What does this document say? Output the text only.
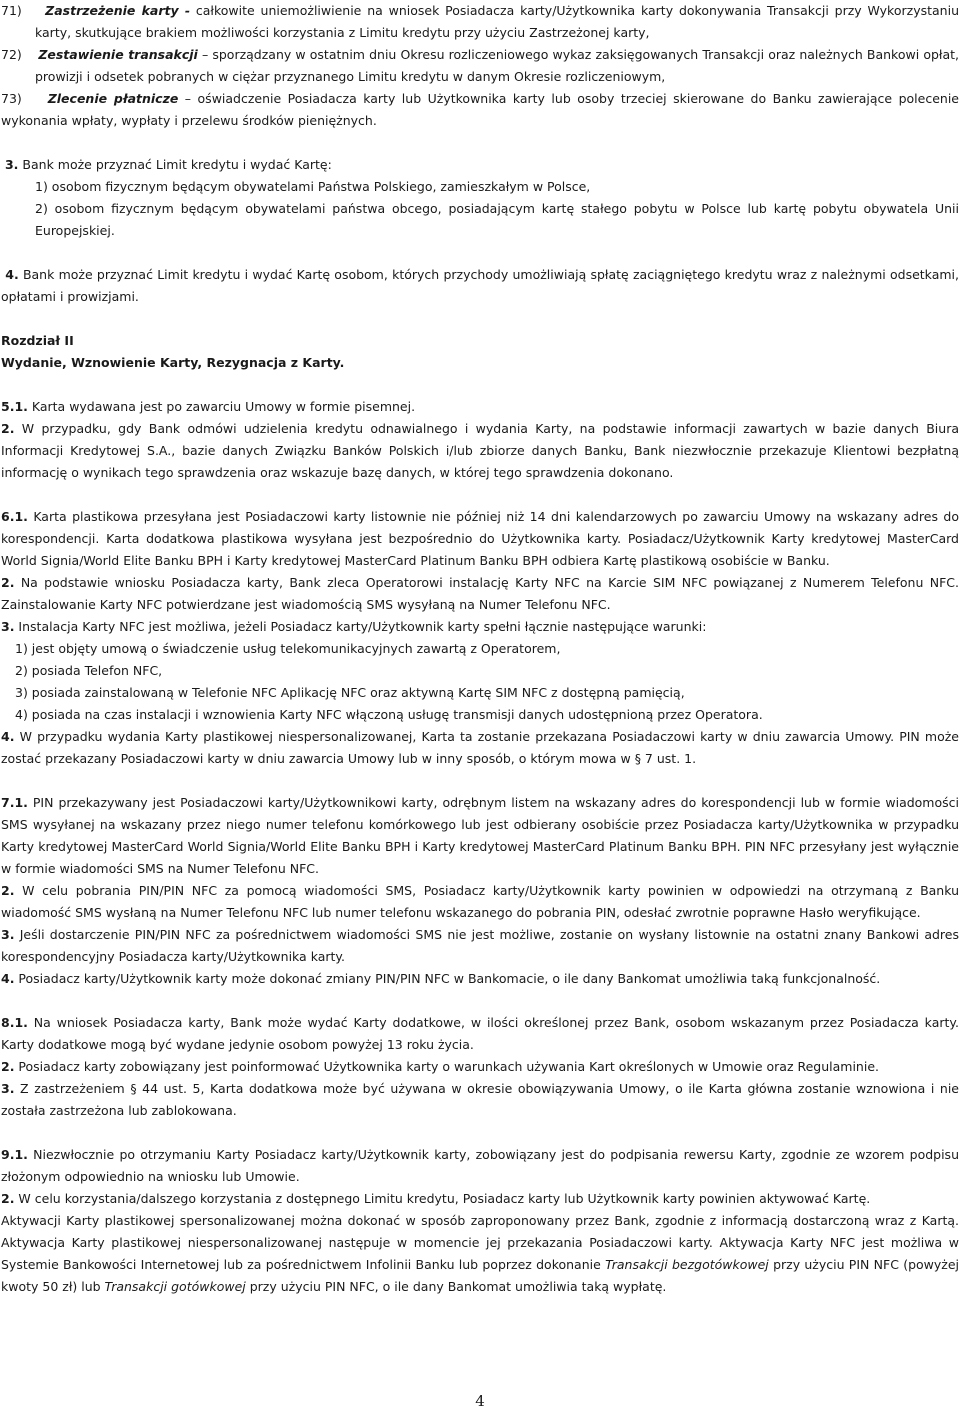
71) Zastrzeżenie karty - całkowite uniemożliwienie na wniosek Posiadacza karty/Użytkownika karty dokonywania Transakcji przy Wykorzystaniu karty, skutkujące brakiem możliwości korzystania z Limitu kredytu przy użyciu Zastrzeżonej karty,

72) Zestawienie transakcji – sporządzany w ostatnim dniu Okresu rozliczeniowego wykaz zaksięgowanych Transakcji oraz należnych Bankowi opłat, prowizji i odsetek pobranych w ciężar przyznanego Limitu kredytu w danym Okresie rozliczeniowym,

73) Zlecenie płatnicze – oświadczenie Posiadacza karty lub Użytkownika karty lub osoby trzeciej skierowane do Banku zawierające polecenie wykonania wpłaty, wypłaty i przelewu środków pieniężnych.

3. Bank może przyznać Limit kredytu i wydać Kartę:

1) osobom fizycznym będącym obywatelami Państwa Polskiego, zamieszkałym w Polsce,

2) osobom fizycznym będącym obywatelami państwa obcego, posiadającym kartę stałego pobytu w Polsce lub kartę pobytu obywatela Unii Europejskiej.

4. Bank może przyznać Limit kredytu i wydać Kartę osobom, których przychody umożliwiają spłatę zaciągniętego kredytu wraz z należnymi odsetkami, opłatami i prowizjami.

Rozdział II

Wydanie, Wznowienie Karty, Rezygnacja z Karty.

5.1. Karta wydawana jest po zawarciu Umowy w formie pisemnej.

2. W przypadku, gdy Bank odmówi udzielenia kredytu odnawialnego i wydania Karty, na podstawie informacji zawartych w bazie danych Biura Informacji Kredytowej S.A., bazie danych Związku Banków Polskich i/lub zbiorze danych Banku, Bank niezwłocznie przekazuje Klientowi bezpłatną informację o wynikach tego sprawdzenia oraz wskazuje bazę danych, w której tego sprawdzenia dokonano.

6.1. Karta plastikowa przesyłana jest Posiadaczowi karty listownie nie później niż 14 dni kalendarzowych po zawarciu Umowy na wskazany adres do korespondencji. Karta dodatkowa plastikowa wysyłana jest bezpośrednio do Użytkownika karty. Posiadacz/Użytkownik Karty kredytowej MasterCard World Signia/World Elite Banku BPH i Karty kredytowej MasterCard Platinum Banku BPH odbiera Kartę plastikową osobiście w Banku.

2. Na podstawie wniosku Posiadacza karty, Bank zleca Operatorowi instalację Karty NFC na Karcie SIM NFC powiązanej z Numerem Telefonu NFC. Zainstalowanie Karty NFC potwierdzane jest wiadomością SMS wysyłaną na Numer Telefonu NFC.

3. Instalacja Karty NFC jest możliwa, jeżeli Posiadacz karty/Użytkownik karty spełni łącznie następujące warunki:

1) jest objęty umową o świadczenie usług telekomunikacyjnych zawartą z Operatorem,

2) posiada Telefon NFC,

3) posiada zainstalowaną w Telefonie NFC Aplikację NFC oraz aktywną Kartę SIM NFC z dostępną pamięcią,

4) posiada na czas instalacji i wznowienia Karty NFC włączoną usługę transmisji danych udostępnioną przez Operatora.

4. W przypadku wydania Karty plastikowej niespersonalizowanej, Karta ta zostanie przekazana Posiadaczowi karty w dniu zawarcia Umowy. PIN może zostać przekazany Posiadaczowi karty w dniu zawarcia Umowy lub w inny sposób, o którym mowa w § 7 ust. 1.

7.1. PIN przekazywany jest Posiadaczowi karty/Użytkownikowi karty, odrębnym listem na wskazany adres do korespondencji lub w formie wiadomości SMS wysyłanej na wskazany przez niego numer telefonu komórkowego lub jest odbierany osobiście przez Posiadacza karty/Użytkownika w przypadku Karty kredytowej MasterCard World Signia/World Elite Banku BPH i Karty kredytowej MasterCard Platinum Banku BPH. PIN NFC przesyłany jest wyłącznie w formie wiadomości SMS na Numer Telefonu NFC.

2. W celu pobrania PIN/PIN NFC za pomocą wiadomości SMS, Posiadacz karty/Użytkownik karty powinien w odpowiedzi na otrzymaną z Banku wiadomość SMS wysłaną na Numer Telefonu NFC lub numer telefonu wskazanego do pobrania PIN, odesłać zwrotnie poprawne Hasło weryfikujące.

3. Jeśli dostarczenie PIN/PIN NFC za pośrednictwem wiadomości SMS nie jest możliwe, zostanie on wysłany listownie na ostatni znany Bankowi adres korespondencyjny Posiadacza karty/Użytkownika karty.

4. Posiadacz karty/Użytkownik karty może dokonać zmiany PIN/PIN NFC w Bankomacie, o ile dany Bankomat umożliwia taką funkcjonalność.

8.1. Na wniosek Posiadacza karty, Bank może wydać Karty dodatkowe, w ilości określonej przez Bank, osobom wskazanym przez Posiadacza karty. Karty dodatkowe mogą być wydane jedynie osobom powyżej 13 roku życia.

2. Posiadacz karty zobowiązany jest poinformować Użytkownika karty o warunkach używania Kart określonych w Umowie oraz Regulaminie.

3. Z zastrzeżeniem § 44 ust. 5, Karta dodatkowa może być używana w okresie obowiązywania Umowy, o ile Karta główna zostanie wznowiona i nie została zastrzeżona lub zablokowana.

9.1. Niezwłocznie po otrzymaniu Karty Posiadacz karty/Użytkownik karty, zobowiązany jest do podpisania rewersu Karty, zgodnie ze wzorem podpisu złożonym odpowiednio na wniosku lub Umowie.

2. W celu korzystania/dalszego korzystania z dostępnego Limitu kredytu, Posiadacz karty lub Użytkownik karty powinien aktywować Kartę.

Aktywacji Karty plastikowej spersonalizowanej można dokonać w sposób zaproponowany przez Bank, zgodnie z informacją dostarczoną wraz z Kartą. Aktywacja Karty plastikowej niespersonalizowanej następuje w momencie jej przekazania Posiadaczowi karty. Aktywacja Karty NFC jest możliwa w Systemie Bankowości Internetowej lub za pośrednictwem Infolinii Banku lub poprzez dokonanie Transakcji bezgotówkowej przy użyciu PIN NFC (powyżej kwoty 50 zł) lub Transakcji gotówkowej przy użyciu PIN NFC, o ile dany Bankomat umożliwia taką wypłatę.

4
